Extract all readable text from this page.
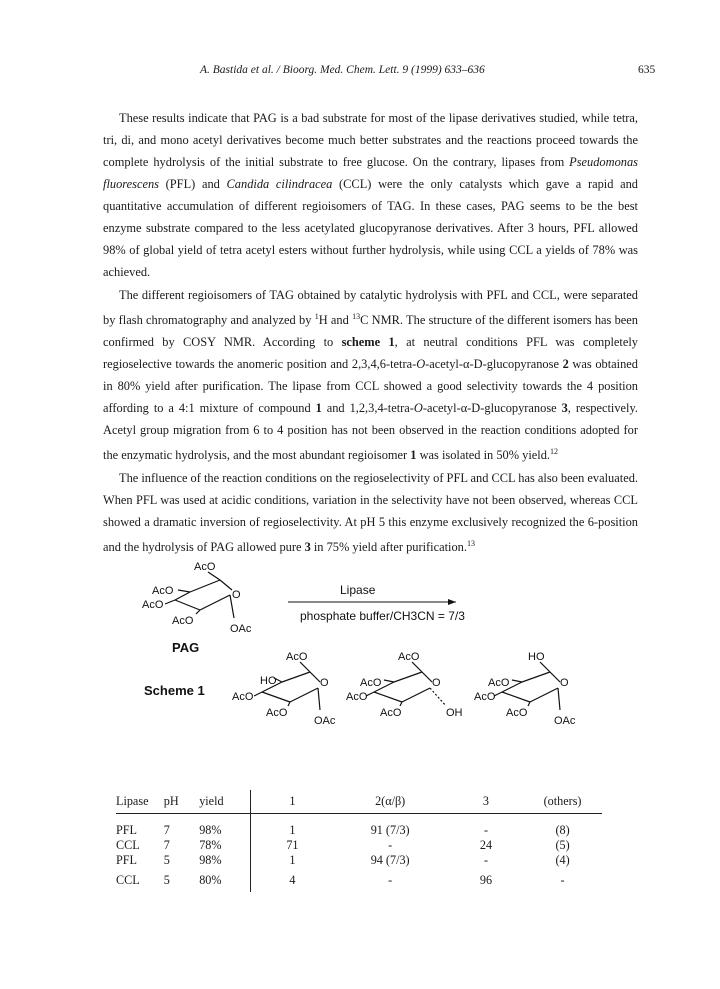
A. Bastida et al. / Bioorg. Med. Chem. Lett. 9 (1999) 633–636	635

These results indicate that PAG is a bad substrate for most of the lipase derivatives studied, while tetra, tri, di, and mono acetyl derivatives become much better substrates and the reactions proceed towards the complete hydrolysis of the initial substrate to free glucose. On the contrary, lipases from Pseudomonas fluorescens (PFL) and Candida cilindracea (CCL) were the only catalysts which gave a rapid and quantitative accumulation of different regioisomers of TAG. In these cases, PAG seems to be the best enzyme substrate compared to the less acetylated glucopyranose derivatives. After 3 hours, PFL allowed 98% of global yield of tetra acetyl esters without further hydrolysis, while using CCL a yields of 78% was achieved.

The different regioisomers of TAG obtained by catalytic hydrolysis with PFL and CCL, were separated by flash chromatography and analyzed by $^1$H and $^{13}$C NMR. The structure of the different isomers has been confirmed by COSY NMR. According to scheme 1, at neutral conditions PFL was completely regioselective towards the anomeric position and 2,3,4,6-tetra-O-acetyl-α-D-glucopyranose 2 was obtained in 80% yield after purification. The lipase from CCL showed a good selectivity towards the 4 position affording to a 4:1 mixture of compound 1 and 1,2,3,4-tetra-O-acetyl-α-D-glucopyranose 3, respectively. Acetyl group migration from 6 to 4 position has not been observed in the reaction conditions adopted for the enzymatic hydrolysis, and the most abundant regioisomer 1 was isolated in 50% yield.$^{12}$

The influence of the reaction conditions on the regioselectivity of PFL and CCL has also been evaluated. When PFL was used at acidic conditions, variation in the selectivity have not been observed, whereas CCL showed a dramatic inversion of regioselectivity. At pH 5 this enzyme exclusively recognized the 6-position and the hydrolysis of PAG allowed pure 3 in 75% yield after purification.$^{13}$

AcO
O
AcO
AcO
AcO
OAc
PAG
Lipase
phosphate buffer/CH3CN = 7/3
Scheme 1
AcO
O
HO
AcO
AcO
OAc
AcO
O
AcO
AcO
AcO	OH
HO
O
AcO
AcO
AcO
OAc
Lipase	pH	yield		1	2(α/β)	3	(others)
PFL	7	98%		1	91 (7/3)	-	(8)
CCL	7	78%		71	-	24	(5)
PFL	5	98%		1	94 (7/3)	-	(4)
CCL	5	80%		4	-	96	-
